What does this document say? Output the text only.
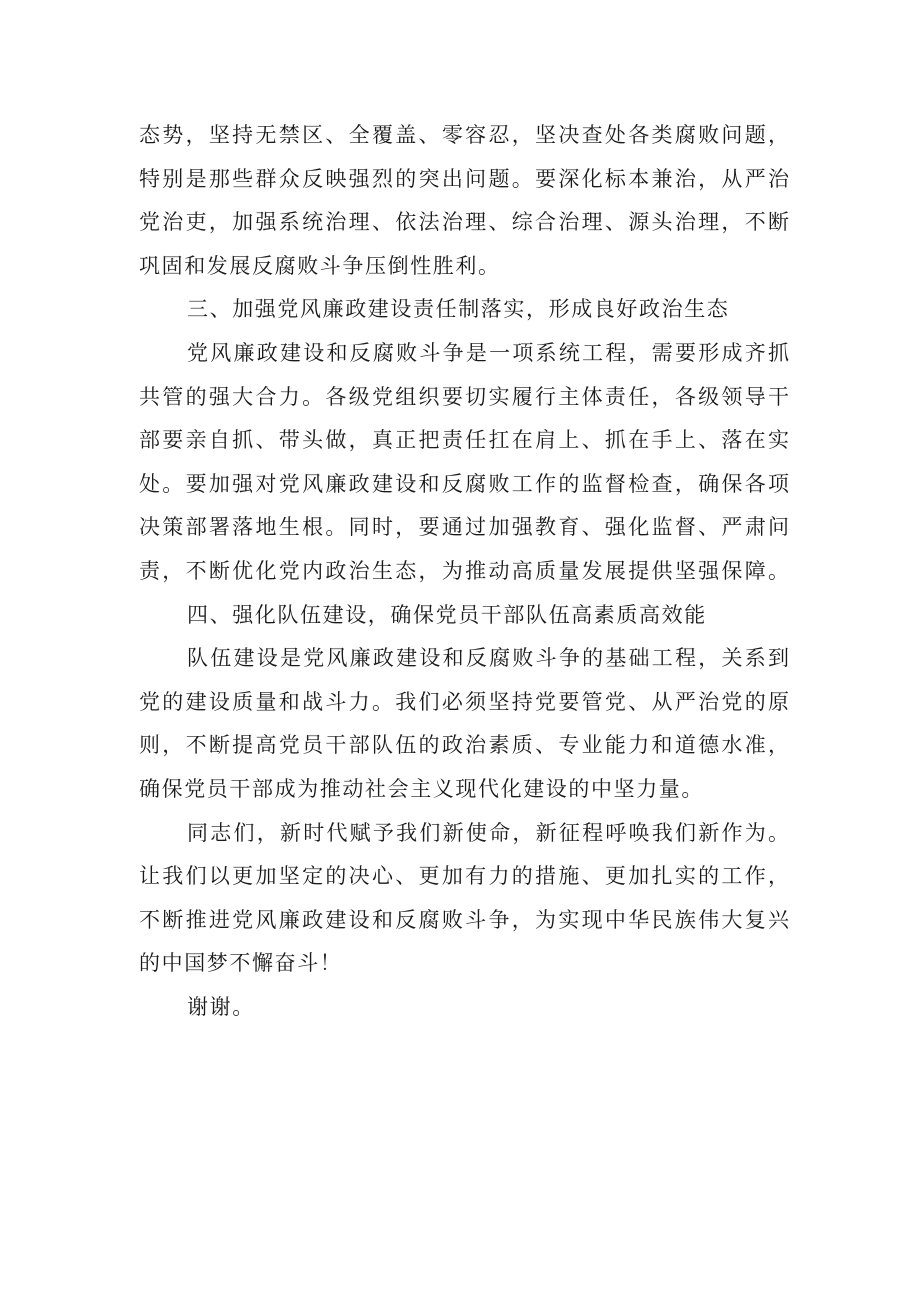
态势，坚持无禁区、全覆盖、零容忍，坚决查处各类腐败问题，
特别是那些群众反映强烈的突出问题。要深化标本兼治，从严治
党治吏，加强系统治理、依法治理、综合治理、源头治理，不断
巩固和发展反腐败斗争压倒性胜利。
三、加强党风廉政建设责任制落实，形成良好政治生态
党风廉政建设和反腐败斗争是一项系统工程，需要形成齐抓
共管的强大合力。各级党组织要切实履行主体责任，各级领导干
部要亲自抓、带头做，真正把责任扛在肩上、抓在手上、落在实
处。要加强对党风廉政建设和反腐败工作的监督检查，确保各项
决策部署落地生根。同时，要通过加强教育、强化监督、严肃问
责，不断优化党内政治生态，为推动高质量发展提供坚强保障。
四、强化队伍建设，确保党员干部队伍高素质高效能
队伍建设是党风廉政建设和反腐败斗争的基础工程，关系到
党的建设质量和战斗力。我们必须坚持党要管党、从严治党的原
则，不断提高党员干部队伍的政治素质、专业能力和道德水准，
确保党员干部成为推动社会主义现代化建设的中坚力量。
同志们，新时代赋予我们新使命，新征程呼唤我们新作为。
让我们以更加坚定的决心、更加有力的措施、更加扎实的工作，
不断推进党风廉政建设和反腐败斗争，为实现中华民族伟大复兴
的中国梦不懈奋斗！
谢谢。
